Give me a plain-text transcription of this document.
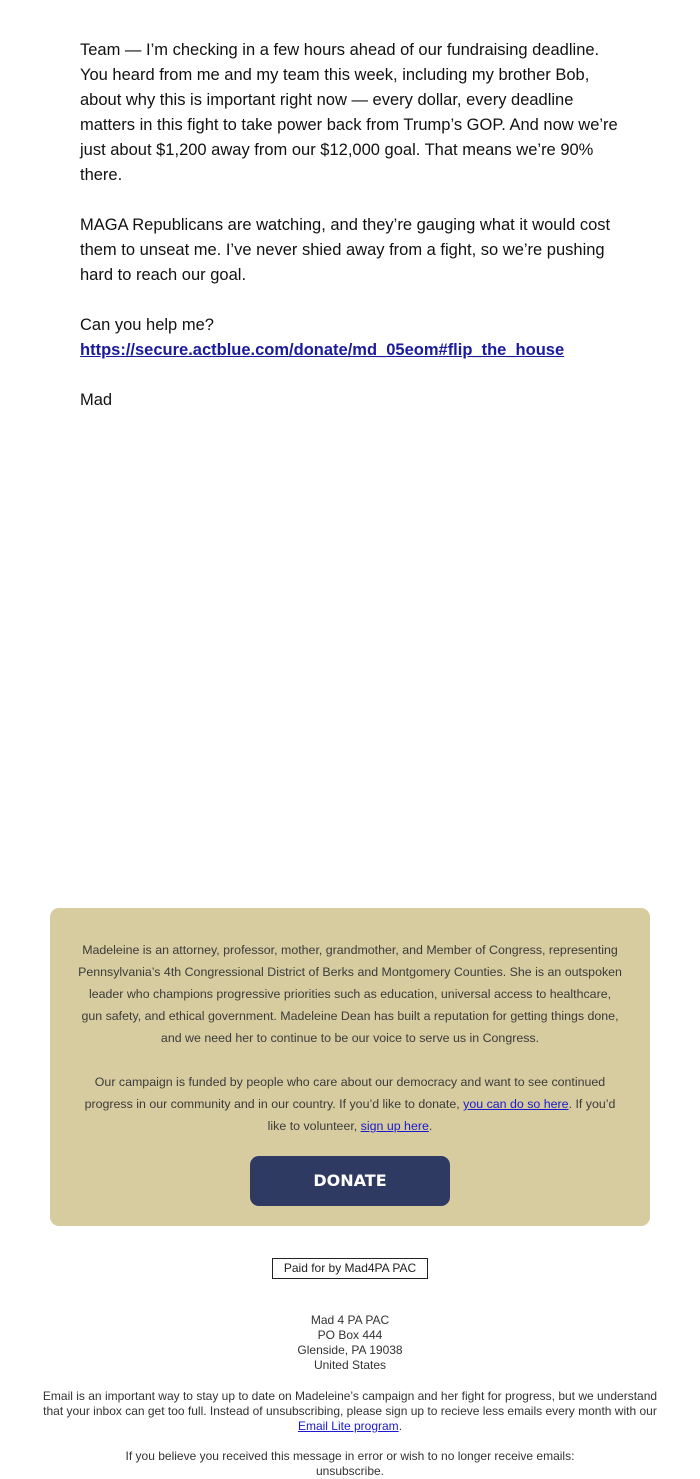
Team — I’m checking in a few hours ahead of our fundraising deadline. You heard from me and my team this week, including my brother Bob, about why this is important right now — every dollar, every deadline matters in this fight to take power back from Trump’s GOP. And now we’re just about $1,200 away from our $12,000 goal. That means we’re 90% there.

MAGA Republicans are watching, and they’re gauging what it would cost them to unseat me. I’ve never shied away from a fight, so we’re pushing hard to reach our goal.

Can you help me?
https://secure.actblue.com/donate/md_05eom#flip_the_house

Mad

Madeleine is an attorney, professor, mother, grandmother, and Member of Congress, representing Pennsylvania’s 4th Congressional District of Berks and Montgomery Counties. She is an outspoken leader who champions progressive priorities such as education, universal access to healthcare, gun safety, and ethical government. Madeleine Dean has built a reputation for getting things done, and we need her to continue to be our voice to serve us in Congress.

Our campaign is funded by people who care about our democracy and want to see continued progress in our community and in our country. If you’d like to donate, you can do so here. If you’d like to volunteer, sign up here.

DONATE
Paid for by Mad4PA PAC
Mad 4 PA PAC
PO Box 444
Glenside, PA 19038
United States
Email is an important way to stay up to date on Madeleine’s campaign and her fight for progress, but we understand that your inbox can get too full. Instead of unsubscribing, please sign up to recieve less emails every month with our Email Lite program.
If you believe you received this message in error or wish to no longer receive emails:
unsubscribe.
